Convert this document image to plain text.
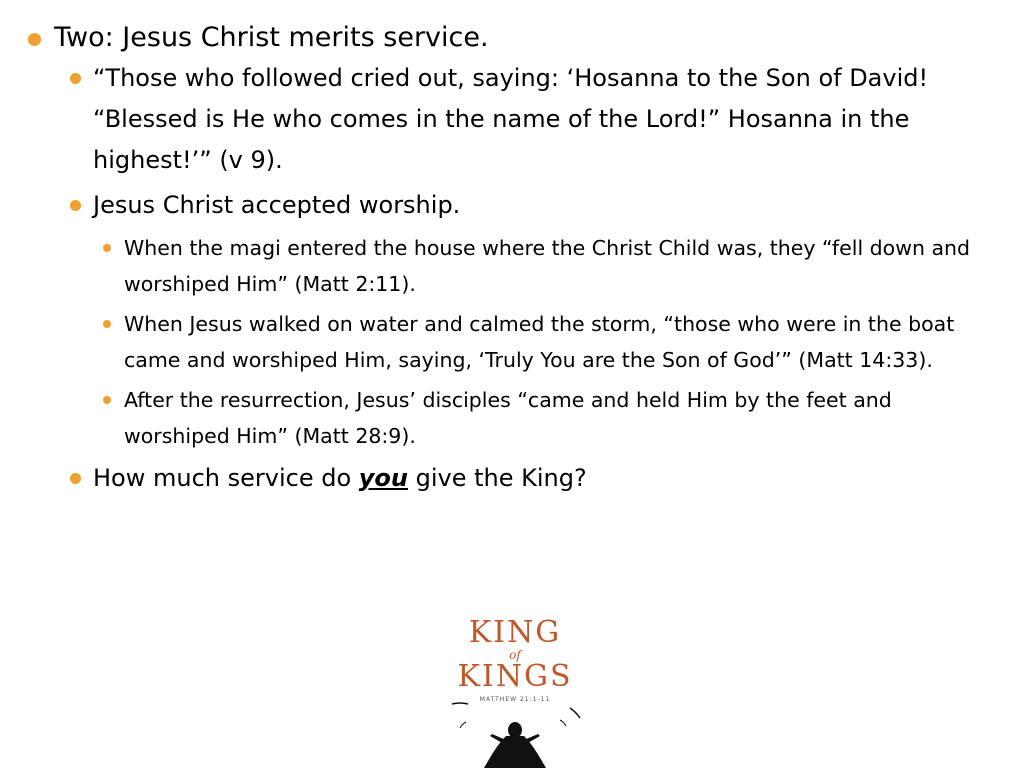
Two: Jesus Christ merits service.
“Those who followed cried out, saying: ‘Hosanna to the Son of David! “Blessed is He who comes in the name of the Lord!” Hosanna in the highest!’” (v 9).
Jesus Christ accepted worship.
When the magi entered the house where the Christ Child was, they “fell down and worshiped Him” (Matt 2:11).
When Jesus walked on water and calmed the storm, “those who were in the boat came and worshiped Him, saying, ‘Truly You are the Son of God’” (Matt 14:33).
After the resurrection, Jesus’ disciples “came and held Him by the feet and worshiped Him” (Matt 28:9).
How much service do you give the King?
KING
of
KINGS
MATTHEW 21:1-11
